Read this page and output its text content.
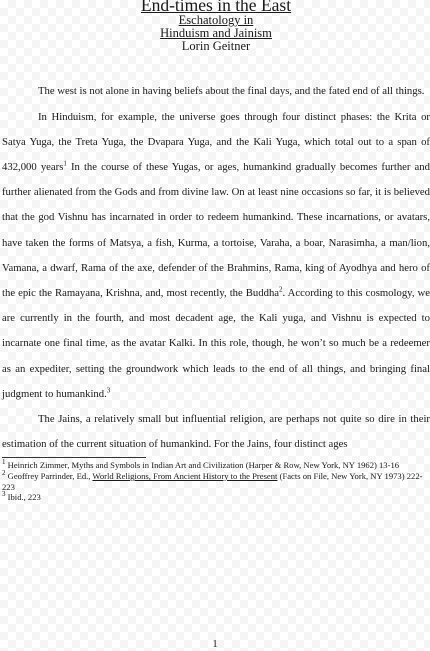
End-times in the East
Eschatology in
Hinduism and Jainism
Lorin Geitner

The west is not alone in having beliefs about the final days, and the fated end of all things.

In Hinduism, for example, the universe goes through four distinct phases: the Krita or Satya Yuga, the Treta Yuga, the Dvapara Yuga, and the Kali Yuga, which total out to a span of 432,000 years$^1$ In the course of these Yugas, or ages, humankind gradually becomes further and further alienated from the Gods and from divine law. On at least nine occasions so far, it is believed that the god Vishnu has incarnated in order to redeem humankind. These incarnations, or avatars, have taken the forms of Matsya, a fish, Kurma, a tortoise, Varaha, a boar, Narasimha, a man/lion, Vamana, a dwarf, Rama of the axe, defender of the Brahmins, Rama, king of Ayodhya and hero of the epic the Ramayana, Krishna, and, most recently, the Buddha$^2$. According to this cosmology, we are currently in the fourth, and most decadent age, the Kali yuga, and Vishnu is expected to incarnate one final time, as the avatar Kalki. In this role, though, he won’t so much be a redeemer as an expediter, setting the groundwork which leads to the end of all things, and bringing final judgment to humankind.$^3$

The Jains, a relatively small but influential religion, are perhaps not quite so dire in their estimation of the current situation of humankind. For the Jains, four distinct ages

$^1$ Heinrich Zimmer, Myths and Symbols in Indian Art and Civilization (Harper & Row, New York, NY 1962) 13-16
$^2$ Geoffrey Parrinder, Ed., World Religions, From Ancient History to the Present (Facts on File, New York, NY 1973) 222-223
$^3$ Ibid., 223
1
